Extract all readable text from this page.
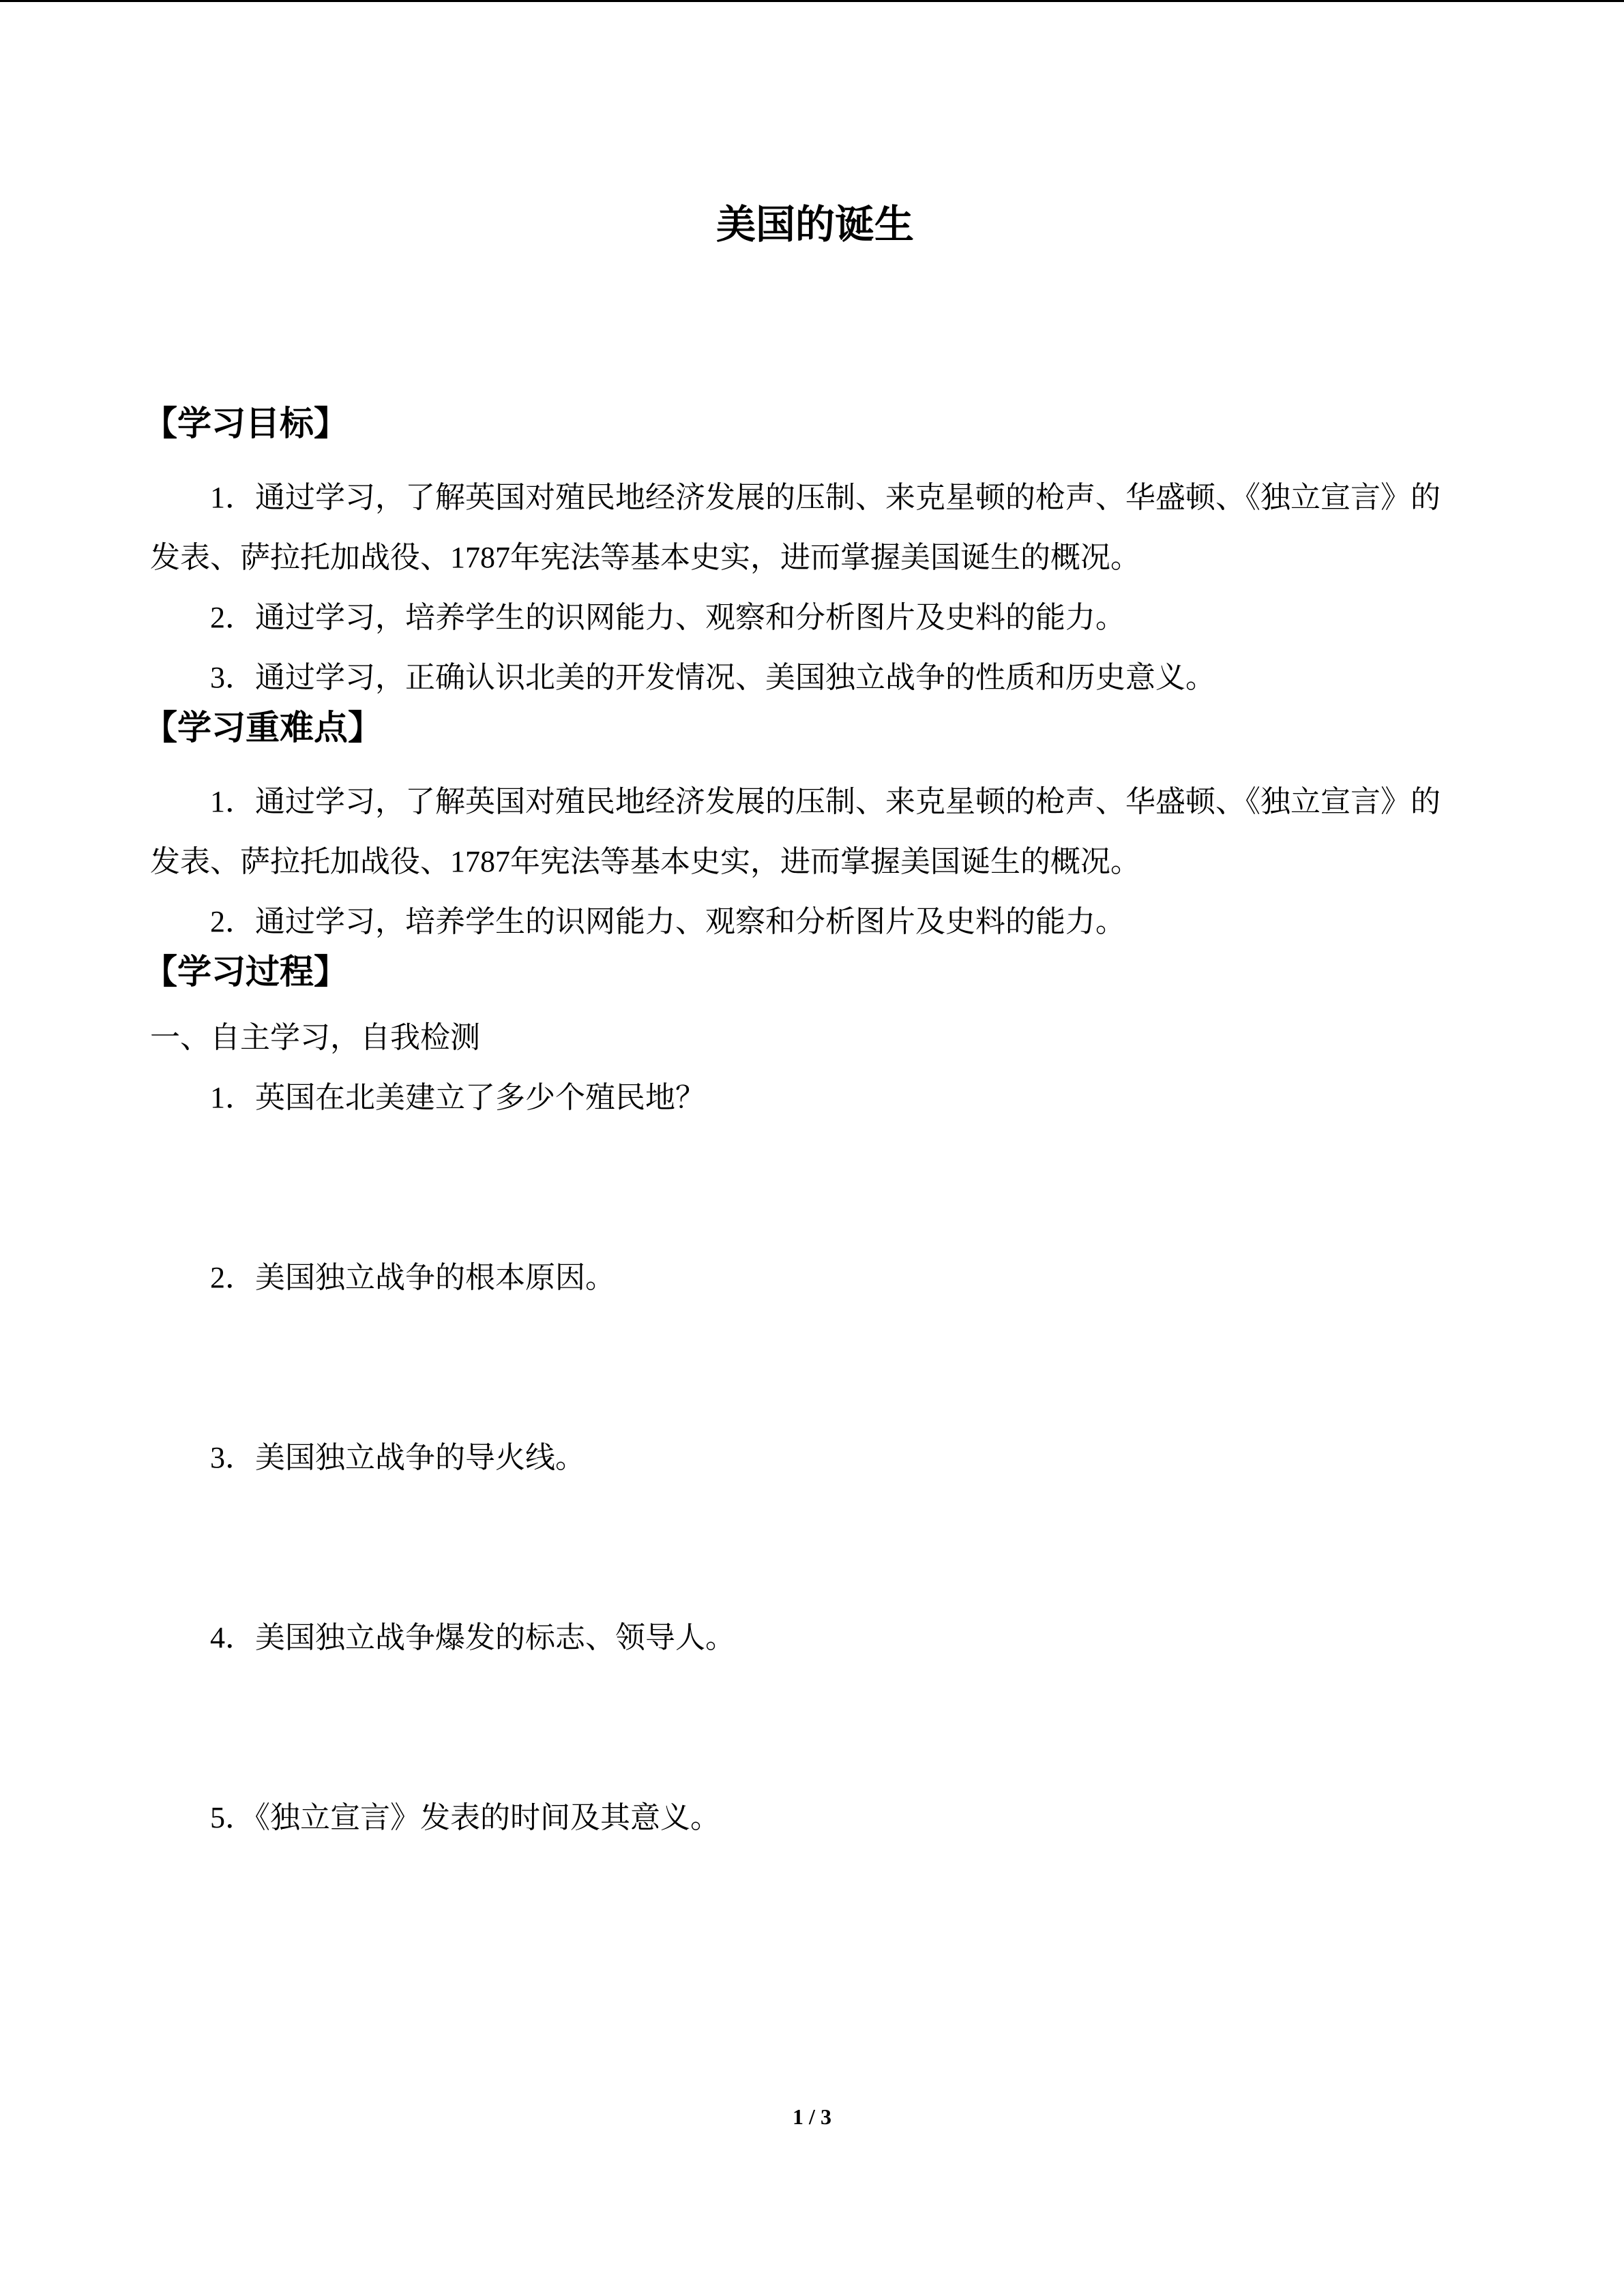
美国的诞生
【学习目标】

1．通过学习，了解英国对殖民地经济发展的压制、来克星顿的枪声、华盛顿、《独立宣言》的发表、萨拉托加战役、1787年宪法等基本史实，进而掌握美国诞生的概况。

2．通过学习，培养学生的识网能力、观察和分析图片及史料的能力。

3．通过学习，正确认识北美的开发情况、美国独立战争的性质和历史意义。

【学习重难点】

1．通过学习，了解英国对殖民地经济发展的压制、来克星顿的枪声、华盛顿、《独立宣言》的发表、萨拉托加战役、1787年宪法等基本史实，进而掌握美国诞生的概况。

2．通过学习，培养学生的识网能力、观察和分析图片及史料的能力。

【学习过程】

一、自主学习，自我检测

1．英国在北美建立了多少个殖民地？

2．美国独立战争的根本原因。

3．美国独立战争的导火线。

4．美国独立战争爆发的标志、领导人。

5．《独立宣言》发表的时间及其意义。

1 / 3
